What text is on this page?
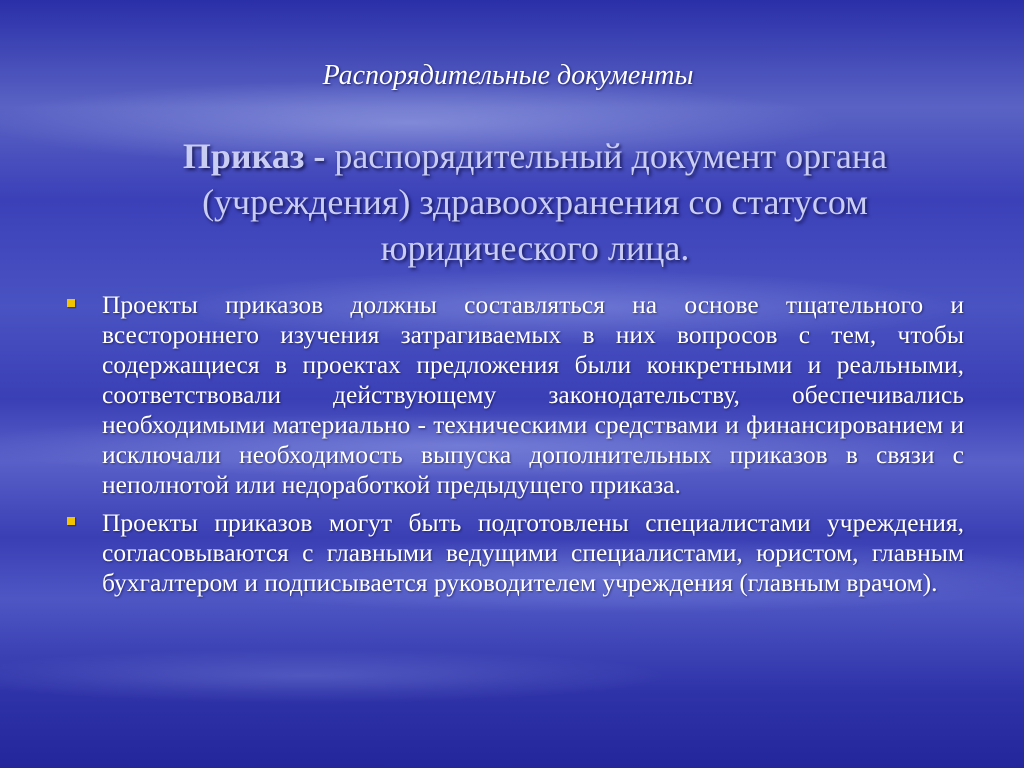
Распорядительные документы
Приказ - распорядительный документ органа (учреждения) здравоохранения со статусом юридического лица.
Проекты приказов должны составляться на основе тщательного и всестороннего изучения затрагиваемых в них вопросов с тем, чтобы содержащиеся в проектах предложения были конкретными и реальными, соответствовали действующему законодательству, обеспечивались необходимыми материально - техническими средствами и финансированием и исключали необходимость выпуска дополнительных приказов в связи с неполнотой или недоработкой предыдущего приказа.
Проекты приказов могут быть подготовлены специалистами учреждения, согласовываются с главными ведущими специалистами, юристом, главным бухгалтером и подписывается руководителем учреждения (главным врачом).
